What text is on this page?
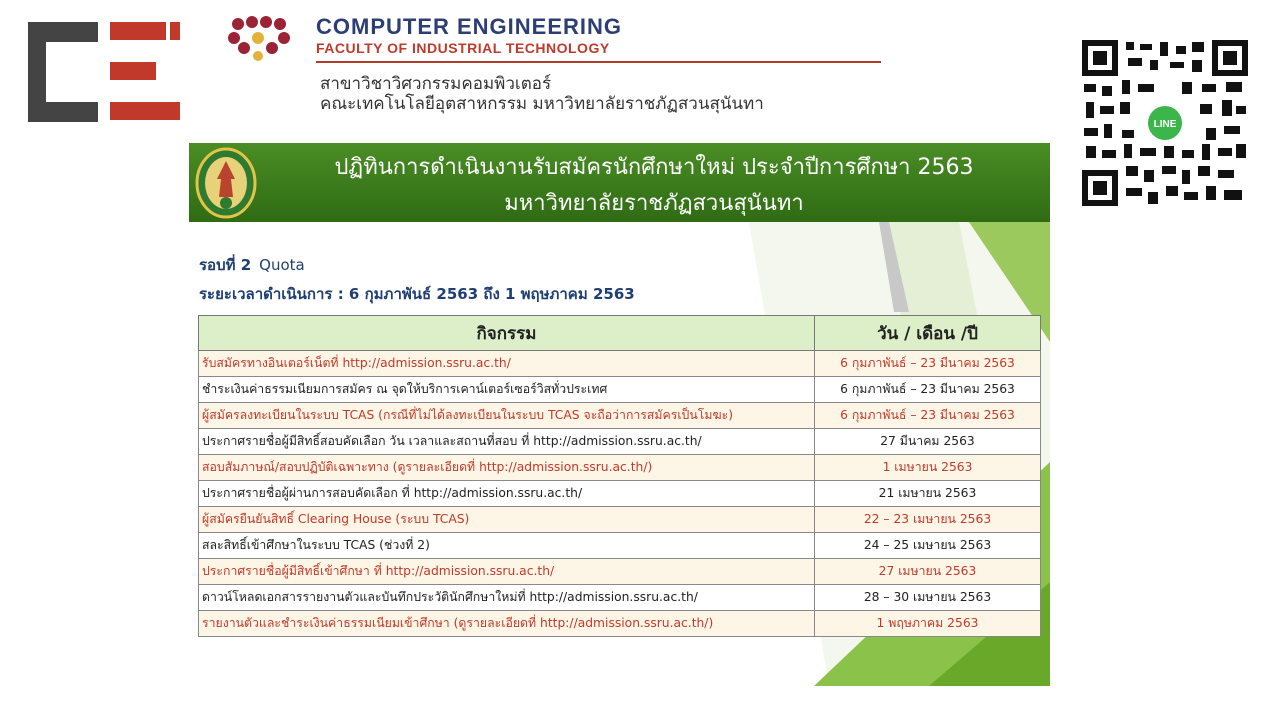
COMPUTER ENGINEERING
FACULTY OF INDUSTRIAL TECHNOLOGY
สาขาวิชาวิศวกรรมคอมพิวเตอร์
คณะเทคโนโลยีอุตสาหกรรม มหาวิทยาลัยราชภัฏสวนสุนันทา
LINE
ปฏิทินการดำเนินงานรับสมัครนักศึกษาใหม่ ประจำปีการศึกษา 2563
มหาวิทยาลัยราชภัฏสวนสุนันทา
รอบที่ 2 Quota
ระยะเวลาดำเนินการ : 6 กุมภาพันธ์ 2563 ถึง 1 พฤษภาคม 2563
กิจกรรม	วัน / เดือน /ปี
รับสมัครทางอินเตอร์เน็ตที่ http://admission.ssru.ac.th/	6 กุมภาพันธ์ – 23 มีนาคม 2563
ชำระเงินค่าธรรมเนียมการสมัคร ณ จุดให้บริการเคาน์เตอร์เซอร์วิสทั่วประเทศ	6 กุมภาพันธ์ – 23 มีนาคม 2563
ผู้สมัครลงทะเบียนในระบบ TCAS (กรณีที่ไม่ได้ลงทะเบียนในระบบ TCAS จะถือว่าการสมัครเป็นโมฆะ)	6 กุมภาพันธ์ – 23 มีนาคม 2563
ประกาศรายชื่อผู้มีสิทธิ์สอบคัดเลือก วัน เวลาและสถานที่สอบ ที่ http://admission.ssru.ac.th/	27 มีนาคม 2563
สอบสัมภาษณ์/สอบปฏิบัติเฉพาะทาง (ดูรายละเอียดที่ http://admission.ssru.ac.th/)	1 เมษายน 2563
ประกาศรายชื่อผู้ผ่านการสอบคัดเลือก ที่ http://admission.ssru.ac.th/	21 เมษายน 2563
ผู้สมัครยืนยันสิทธิ์ Clearing House (ระบบ TCAS)	22 – 23 เมษายน 2563
สละสิทธิ์เข้าศึกษาในระบบ TCAS (ช่วงที่ 2)	24 – 25 เมษายน 2563
ประกาศรายชื่อผู้มีสิทธิ์เข้าศึกษา ที่ http://admission.ssru.ac.th/	27 เมษายน 2563
ดาวน์โหลดเอกสารรายงานตัวและบันทึกประวัตินักศึกษาใหม่ที่ http://admission.ssru.ac.th/	28 – 30 เมษายน 2563
รายงานตัวและชำระเงินค่าธรรมเนียมเข้าศึกษา (ดูรายละเอียดที่ http://admission.ssru.ac.th/)	1 พฤษภาคม 2563
